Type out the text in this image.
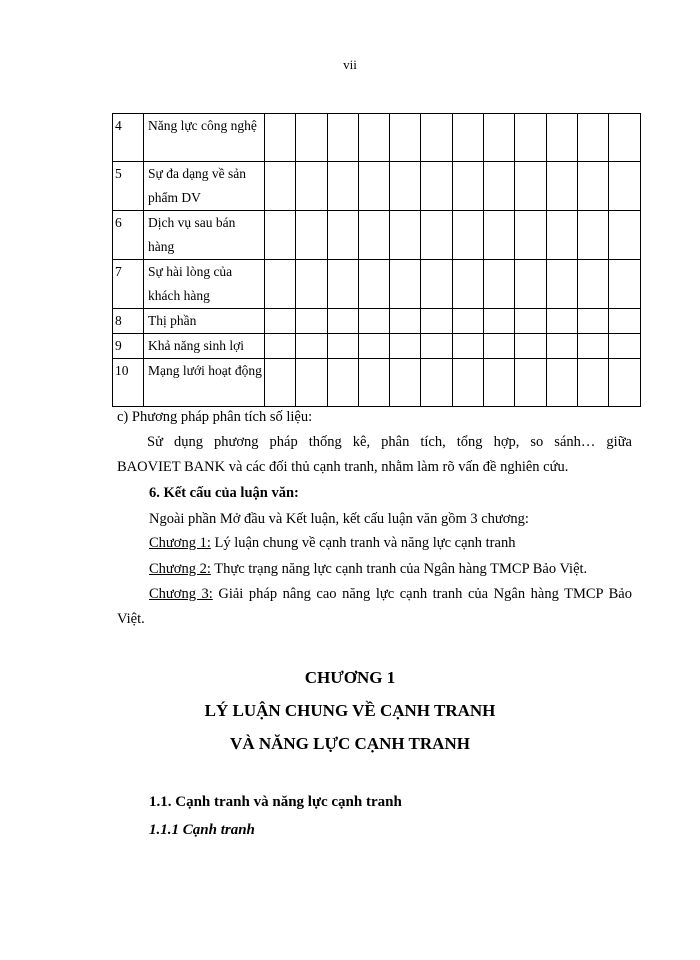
vii
4	Năng lực công nghệ												
5	Sự đa dạng về sản phẩm DV												
6	Dịch vụ sau bán hàng												
7	Sự hài lòng của khách hàng												
8	Thị phần												
9	Khả năng sinh lợi												
10	Mạng lưới hoạt động												

c) Phương pháp phân tích số liệu:

Sử dụng phương pháp thống kê, phân tích, tổng hợp, so sánh… giữa

BAOVIET BANK và các đối thủ cạnh tranh, nhằm làm rõ vấn đề nghiên cứu.

6. Kết cấu của luận văn:

Ngoài phần Mở đầu và Kết luận, kết cấu luận văn gồm 3 chương:

Chương 1: Lý luận chung về cạnh tranh và năng lực cạnh tranh

Chương 2: Thực trạng năng lực cạnh tranh của Ngân hàng TMCP Bảo Việt.

Chương 3: Giải pháp nâng cao năng lực cạnh tranh của Ngân hàng TMCP Bảo

Việt.

CHƯƠNG 1
LÝ LUẬN CHUNG VỀ CẠNH TRANH
VÀ NĂNG LỰC CẠNH TRANH
1.1. Cạnh tranh và năng lực cạnh tranh
1.1.1 Cạnh tranh
